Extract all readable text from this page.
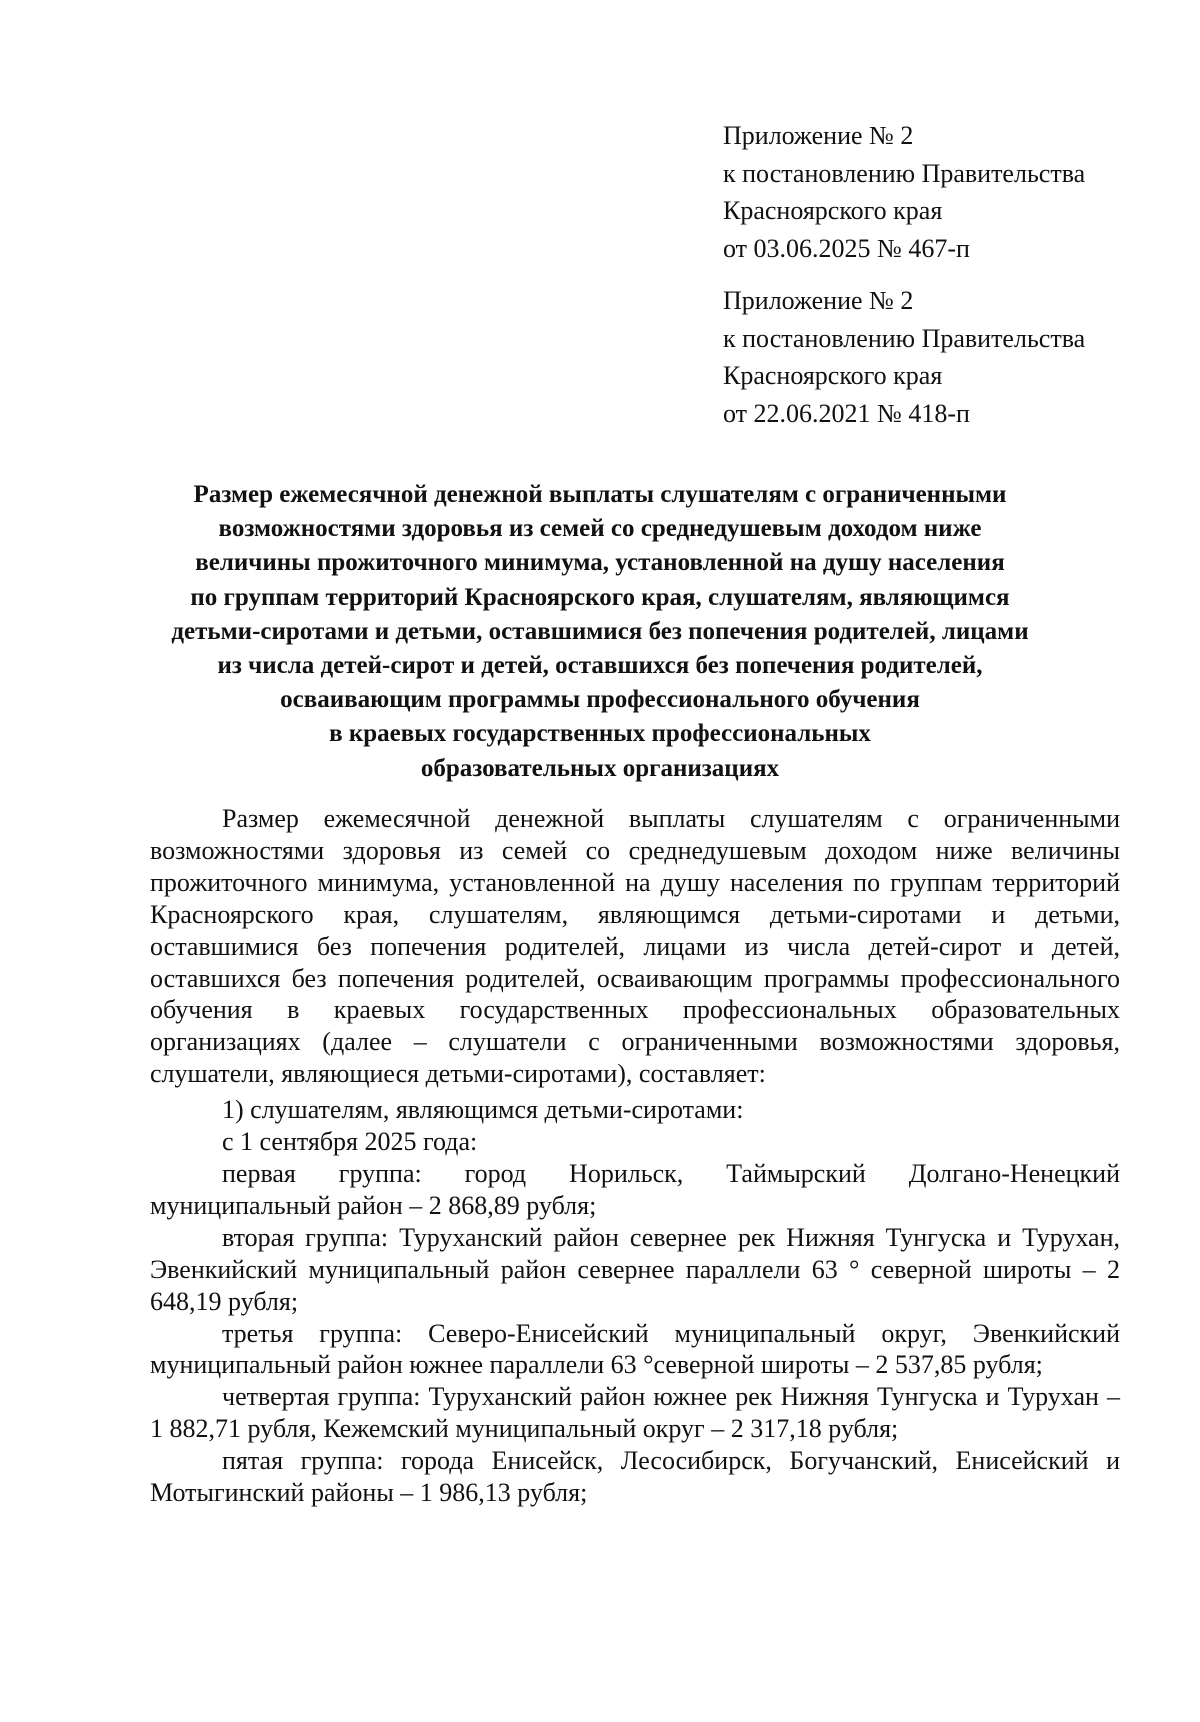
Приложение № 2
к постановлению Правительства
Красноярского края
от 03.06.2025 № 467-п
Приложение № 2
к постановлению Правительства
Красноярского края
от 22.06.2021 № 418-п
Размер ежемесячной денежной выплаты слушателям с ограниченными
возможностями здоровья из семей со среднедушевым доходом ниже
величины прожиточного минимума, установленной на душу населения
по группам территорий Красноярского края, слушателям, являющимся
детьми-сиротами и детьми, оставшимися без попечения родителей, лицами
из числа детей-сирот и детей, оставшихся без попечения родителей,
осваивающим программы профессионального обучения
в краевых государственных профессиональных
образовательных организациях

Размер ежемесячной денежной выплаты слушателям с ограниченными возможностями здоровья из семей со среднедушевым доходом ниже величины прожиточного минимума, установленной на душу населения по группам территорий Красноярского края, слушателям, являющимся детьми-сиротами и детьми, оставшимися без попечения родителей, лицами из числа детей-сирот и детей, оставшихся без попечения родителей, осваивающим программы профессионального обучения в краевых государственных профессиональных образовательных организациях (далее – слушатели с ограниченными возможностями здоровья, слушатели, являющиеся детьми-сиротами), составляет:

1) слушателям, являющимся детьми-сиротами:

с 1 сентября 2025 года:

первая группа: город Норильск, Таймырский Долгано-Ненецкий муниципальный район – 2 868,89 рубля;

вторая группа: Туруханский район севернее рек Нижняя Тунгуска и Турухан, Эвенкийский муниципальный район севернее параллели 63 ° северной широты – 2 648,19 рубля;

третья группа: Северо-Енисейский муниципальный округ, Эвенкийский муниципальный район южнее параллели 63 °северной широты – 2 537,85 рубля;

четвертая группа: Туруханский район южнее рек Нижняя Тунгуска и Турухан – 1 882,71 рубля, Кежемский муниципальный округ – 2 317,18 рубля;

пятая группа: города Енисейск, Лесосибирск, Богучанский, Енисейский и Мотыгинский районы – 1 986,13 рубля;
